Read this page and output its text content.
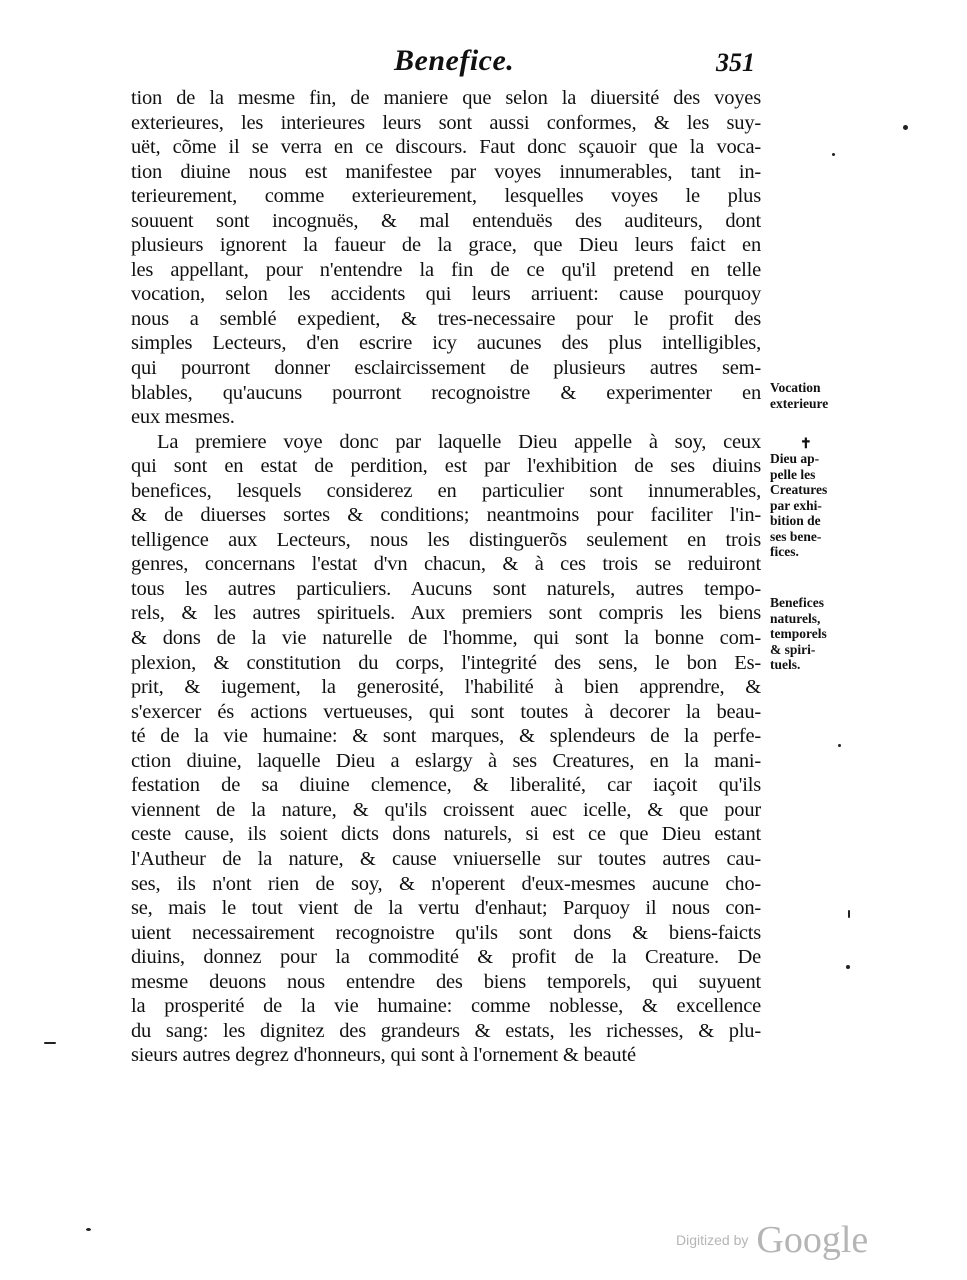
Benefice.	351
tion de la mesme fin, de maniere que selon la diuersité des voyes
exterieures, les interieures leurs sont aussi conformes, & les suy-
uët, cõme il se verra en ce discours. Faut donc sçauoir que la voca-
tion diuine nous est manifestee par voyes innumerables, tant in-
terieurement, comme exterieurement, lesquelles voyes le plus
souuent sont incognuës, & mal entenduës des auditeurs, dont
plusieurs ignorent la faueur de la grace, que Dieu leurs faict en
les appellant, pour n'entendre la fin de ce qu'il pretend en telle
vocation, selon les accidents qui leurs arriuent: cause pourquoy
nous a semblé expedient, & tres-necessaire pour le profit des
simples Lecteurs, d'en escrire icy aucunes des plus intelligibles,
qui pourront donner esclaircissement de plusieurs autres sem-
blables, qu'aucuns pourront recognoistre & experimenter en
eux mesmes.
La premiere voye donc par laquelle Dieu appelle à soy, ceux
qui sont en estat de perdition, est par l'exhibition de ses diuins
benefices, lesquels considerez en particulier sont innumerables,
& de diuerses sortes & conditions; neantmoins pour faciliter l'in-
telligence aux Lecteurs, nous les distinguerõs seulement en trois
genres, concernans l'estat d'vn chacun, & à ces trois se reduiront
tous les autres particuliers. Aucuns sont naturels, autres tempo-
rels, & les autres spirituels. Aux premiers sont compris les biens
& dons de la vie naturelle de l'homme, qui sont la bonne com-
plexion, & constitution du corps, l'integrité des sens, le bon Es-
prit, & iugement, la generosité, l'habilité à bien apprendre, &
s'exercer és actions vertueuses, qui sont toutes à decorer la beau-
té de la vie humaine: & sont marques, & splendeurs de la perfe-
ction diuine, laquelle Dieu a eslargy à ses Creatures, en la mani-
festation de sa diuine clemence, & liberalité, car iaçoit qu'ils
viennent de la nature, & qu'ils croissent auec icelle, & que pour
ceste cause, ils soient dicts dons naturels, si est ce que Dieu estant
l'Autheur de la nature, & cause vniuerselle sur toutes autres cau-
ses, ils n'ont rien de soy, & n'operent d'eux-mesmes aucune cho-
se, mais le tout vient de la vertu d'enhaut; Parquoy il nous con-
uient necessairement recognoistre qu'ils sont dons & biens-faicts
diuins, donnez pour la commodité & profit de la Creature. De
mesme deuons nous entendre des biens temporels, qui suyuent
la prosperité de la vie humaine: comme noblesse, & excellence
du sang: les dignitez des grandeurs & estats, les richesses, & plu-
sieurs autres degrez d'honneurs, qui sont à l'ornement & beauté
Vocation
exterieure
✝
Dieu ap-
pelle les
Creatures
par exhi-
bition de
ses bene-
fices.
Benefices
naturels,
temporels
& spiri-
tuels.
Digitized by Google
